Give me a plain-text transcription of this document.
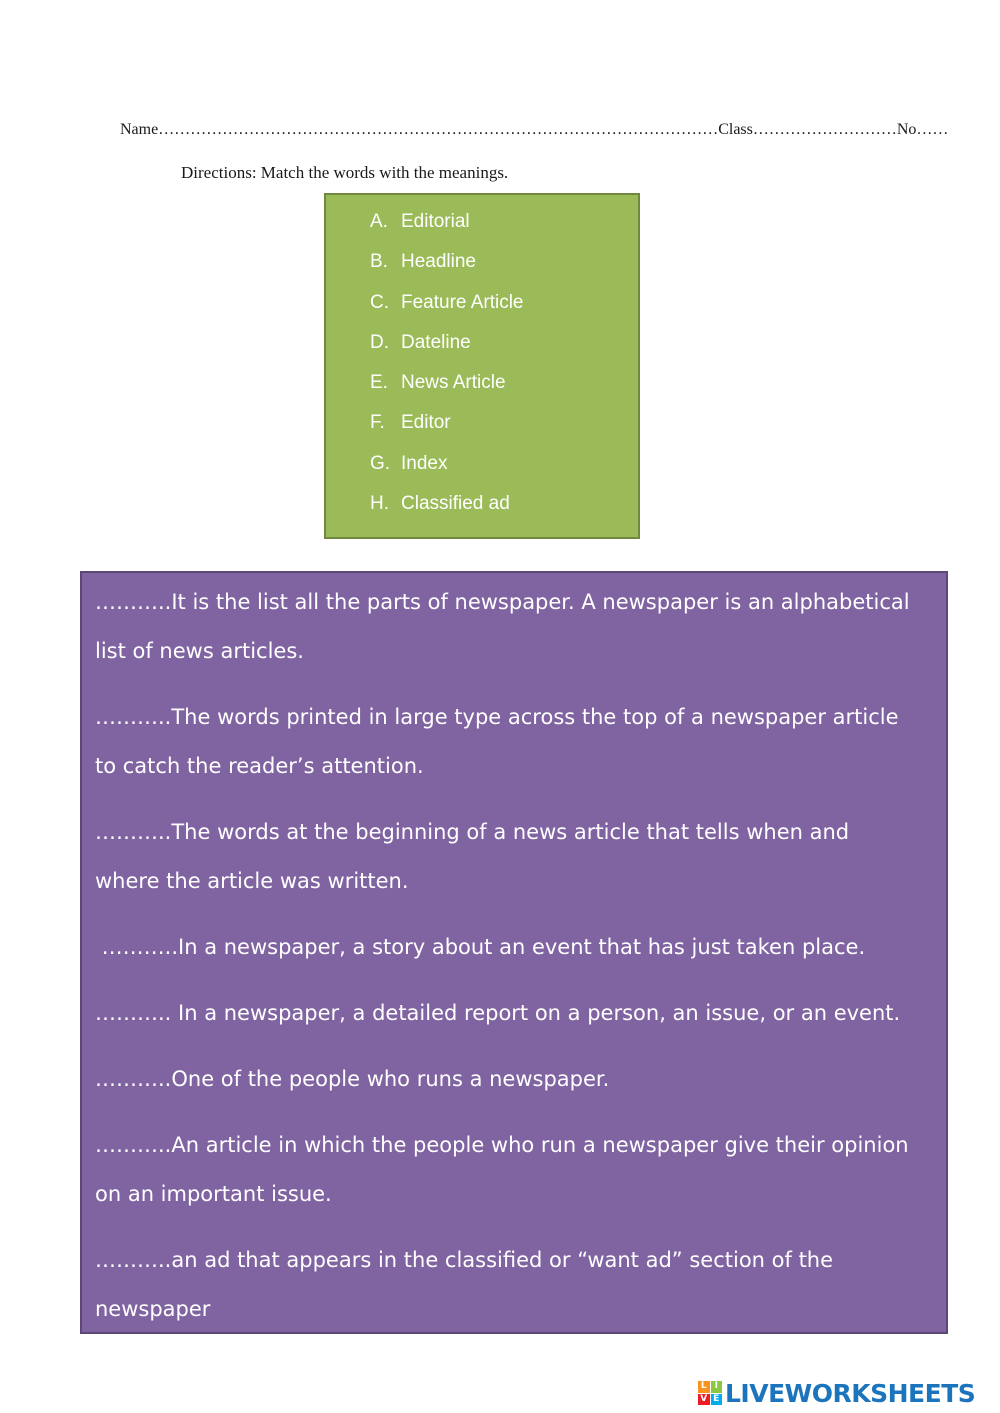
Name……………………………………………………………………………………………Class………………………No……
Directions: Match the words with the meanings.
A. Editorial
B. Headline
C. Feature Article
D. Dateline
E. News Article
F. Editor
G. Index
H. Classified ad
………..It is the list all the parts of newspaper. A newspaper is an alphabetical
list of news articles.
………..The words printed in large type across the top of a newspaper article
to catch the reader’s attention.
………..The words at the beginning of a news article that tells when and
where the article was written.
………..In a newspaper, a story about an event that has just taken place.
……….. In a newspaper, a detailed report on a person, an issue, or an event.
………..One of the people who runs a newspaper.
………..An article in which the people who run a newspaper give their opinion
on an important issue.
………..an ad that appears in the classified or “want ad” section of the
newspaper
L I
V E LIVEWORKSHEETS
